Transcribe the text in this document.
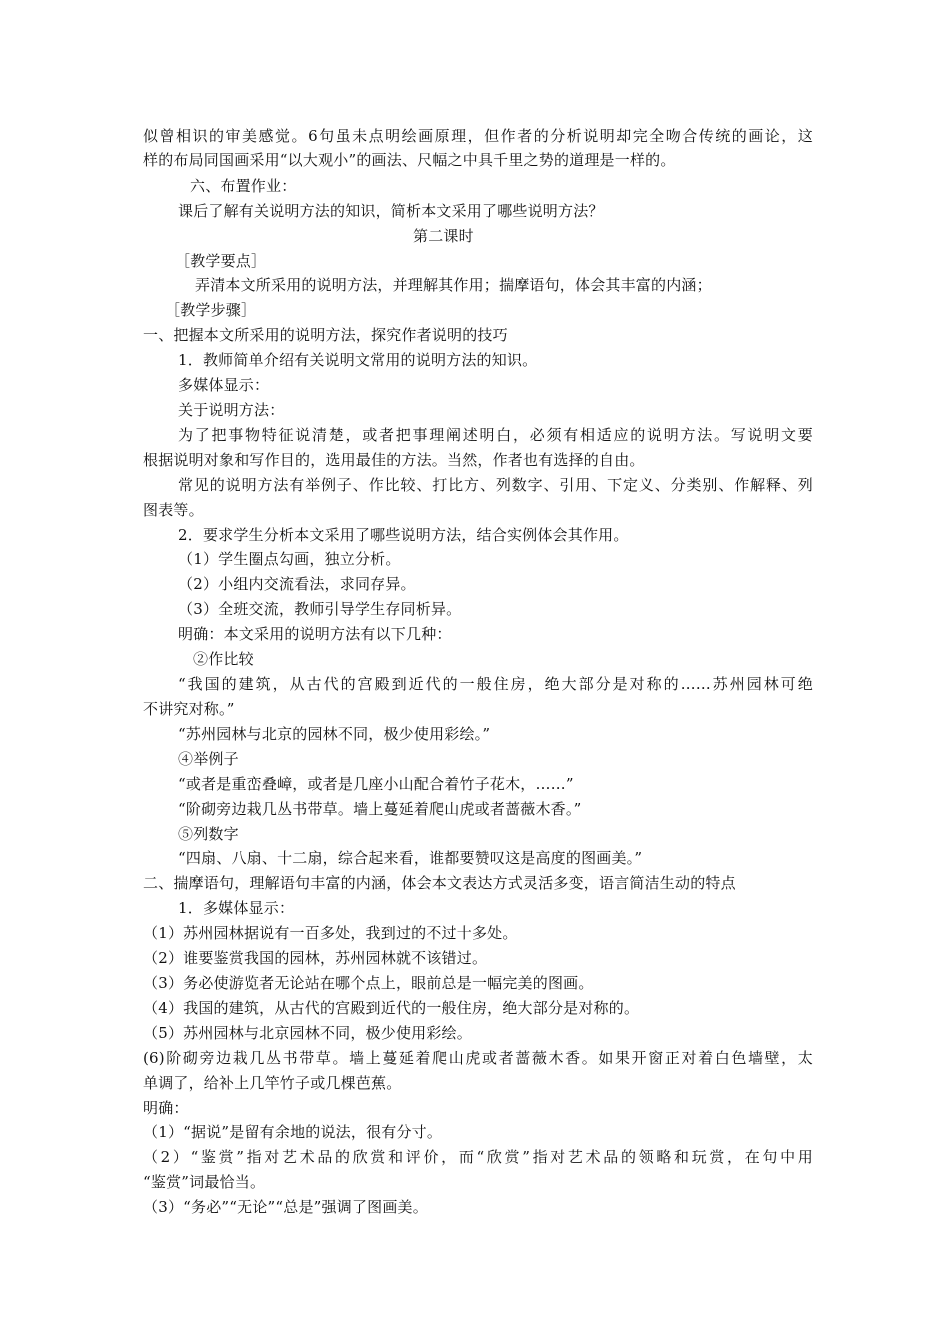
似曾相识的审美感觉。6句虽未点明绘画原理，但作者的分析说明却完全吻合传统的画论，这
样的布局同国画采用“以大观小”的画法、尺幅之中具千里之势的道理是一样的。
六、布置作业：
课后了解有关说明方法的知识，简析本文采用了哪些说明方法？
第二课时
［教学要点］
弄清本文所采用的说明方法，并理解其作用；揣摩语句，体会其丰富的内涵；
［教学步骤］
一、把握本文所采用的说明方法，探究作者说明的技巧
1．教师简单介绍有关说明文常用的说明方法的知识。
多媒体显示：
关于说明方法：
为了把事物特征说清楚，或者把事理阐述明白，必须有相适应的说明方法。写说明文要
根据说明对象和写作目的，选用最佳的方法。当然，作者也有选择的自由。
常见的说明方法有举例子、作比较、打比方、列数字、引用、下定义、分类别、作解释、列
图表等。
2．要求学生分析本文采用了哪些说明方法，结合实例体会其作用。
（1）学生圈点勾画，独立分析。
（2）小组内交流看法，求同存异。
（3）全班交流，教师引导学生存同析异。
明确：本文采用的说明方法有以下几种：
②作比较
“我国的建筑，从古代的宫殿到近代的一般住房，绝大部分是对称的……苏州园林可绝
不讲究对称。”
“苏州园林与北京的园林不同，极少使用彩绘。”
④举例子
“或者是重峦叠嶂，或者是几座小山配合着竹子花木，……”
“阶砌旁边栽几丛书带草。墙上蔓延着爬山虎或者蔷薇木香。”
⑤列数字
“四扇、八扇、十二扇，综合起来看，谁都要赞叹这是高度的图画美。”
二、揣摩语句，理解语句丰富的内涵，体会本文表达方式灵活多变，语言简洁生动的特点
1．多媒体显示：
（1）苏州园林据说有一百多处，我到过的不过十多处。
（2）谁要鉴赏我国的园林，苏州园林就不该错过。
（3）务必使游览者无论站在哪个点上，眼前总是一幅完美的图画。
（4）我国的建筑，从古代的宫殿到近代的一般住房，绝大部分是对称的。
（5）苏州园林与北京园林不同，极少使用彩绘。
(6)阶砌旁边栽几丛书带草。墙上蔓延着爬山虎或者蔷薇木香。如果开窗正对着白色墙壁，太
单调了，给补上几竿竹子或几棵芭蕉。
明确：
（1）“据说”是留有余地的说法，很有分寸。
（2）“鉴赏”指对艺术品的欣赏和评价，而“欣赏”指对艺术品的领略和玩赏，在句中用
“鉴赏”词最恰当。
（3）“务必”“无论”“总是”强调了图画美。
